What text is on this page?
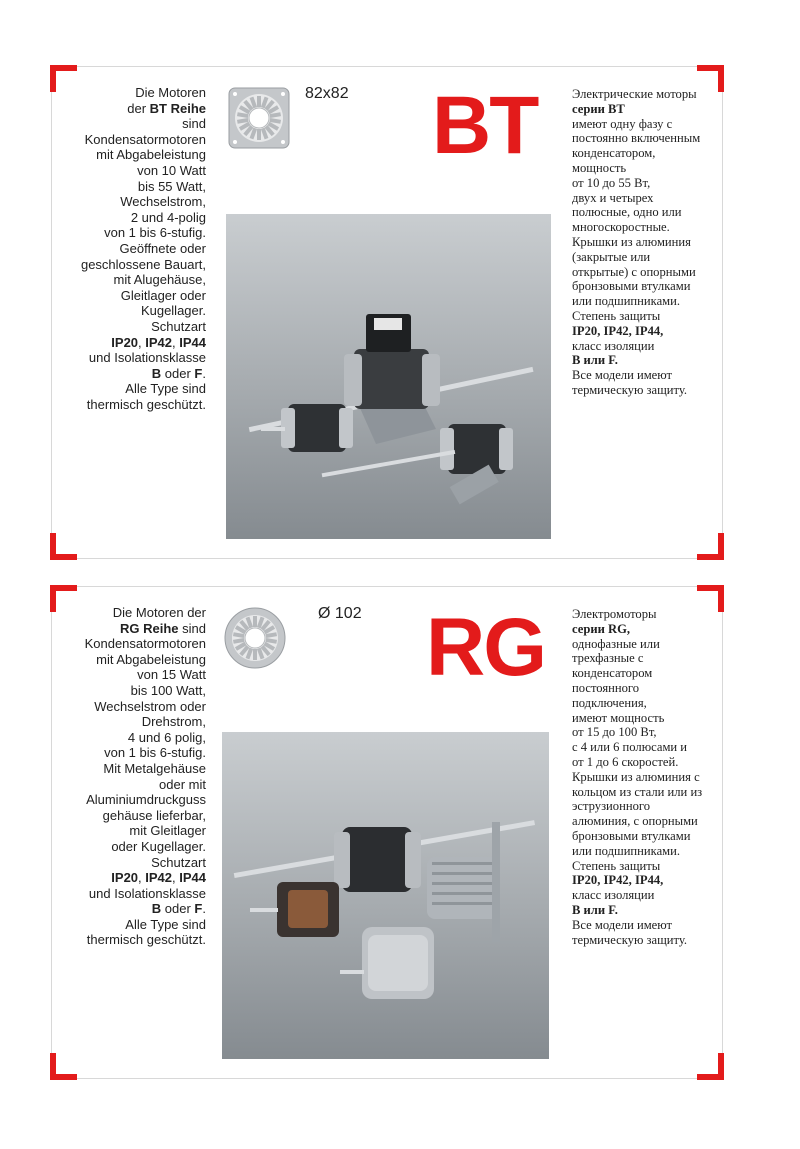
Die Motoren
der BT Reihe
sind
Kondensatormotoren
mit Abgabeleistung
von 10 Watt
bis 55 Watt,
Wechselstrom,
2 und 4-polig
von 1 bis 6-stufig.
Geöffnete oder
geschlossene Bauart,
mit Alugehäuse,
Gleitlager oder
Kugellager.
Schutzart
IP20, IP42, IP44
und Isolationsklasse
B oder F.
Alle Type sind
thermisch geschützt.
82x82 BT	Электрические моторы
серии BT
имеют одну фазу с
постоянно включенным
конденсатором,
мощность
от 10 до 55 Вт,
двух и четырех
полюсные, одно или
многоскоростные.
Крышки из алюминия
(закрытые или
открытые) с опорными
бронзовыми втулками
или подшипниками.
Степень защиты
IP20, IP42, IP44,
класс изоляции
B или F.
Все модели имеют
термическую защиту.
Die Motoren der
RG Reihe sind
Kondensatormotoren
mit Abgabeleistung
von 15 Watt
bis 100 Watt,
Wechselstrom oder
Drehstrom,
4 und 6 polig,
von 1 bis 6-stufig.
Mit Metalgehäuse
oder mit
Aluminiumdruckguss
gehäuse lieferbar,
mit Gleitlager
oder Kugellager.
Schutzart
IP20, IP42, IP44
und Isolationsklasse
B oder F.
Alle Type sind
thermisch geschützt.
Ø 102 RG Электромоторы
серии RG,
однофазные или
трехфазные с
конденсатором
постоянного
подключения,
имеют мощность
от 15 до 100 Вт,
с 4 или 6 полюсами и
от 1 до 6 скоростей.
Крышки из алюминия с
кольцом из стали или из
эструзионного
алюминия, с опорными
бронзовыми втулками
или подшипниками.
Степень защиты
IP20, IP42, IP44,
класс изоляции
B или F.
Все модели имеют
термическую защиту.
